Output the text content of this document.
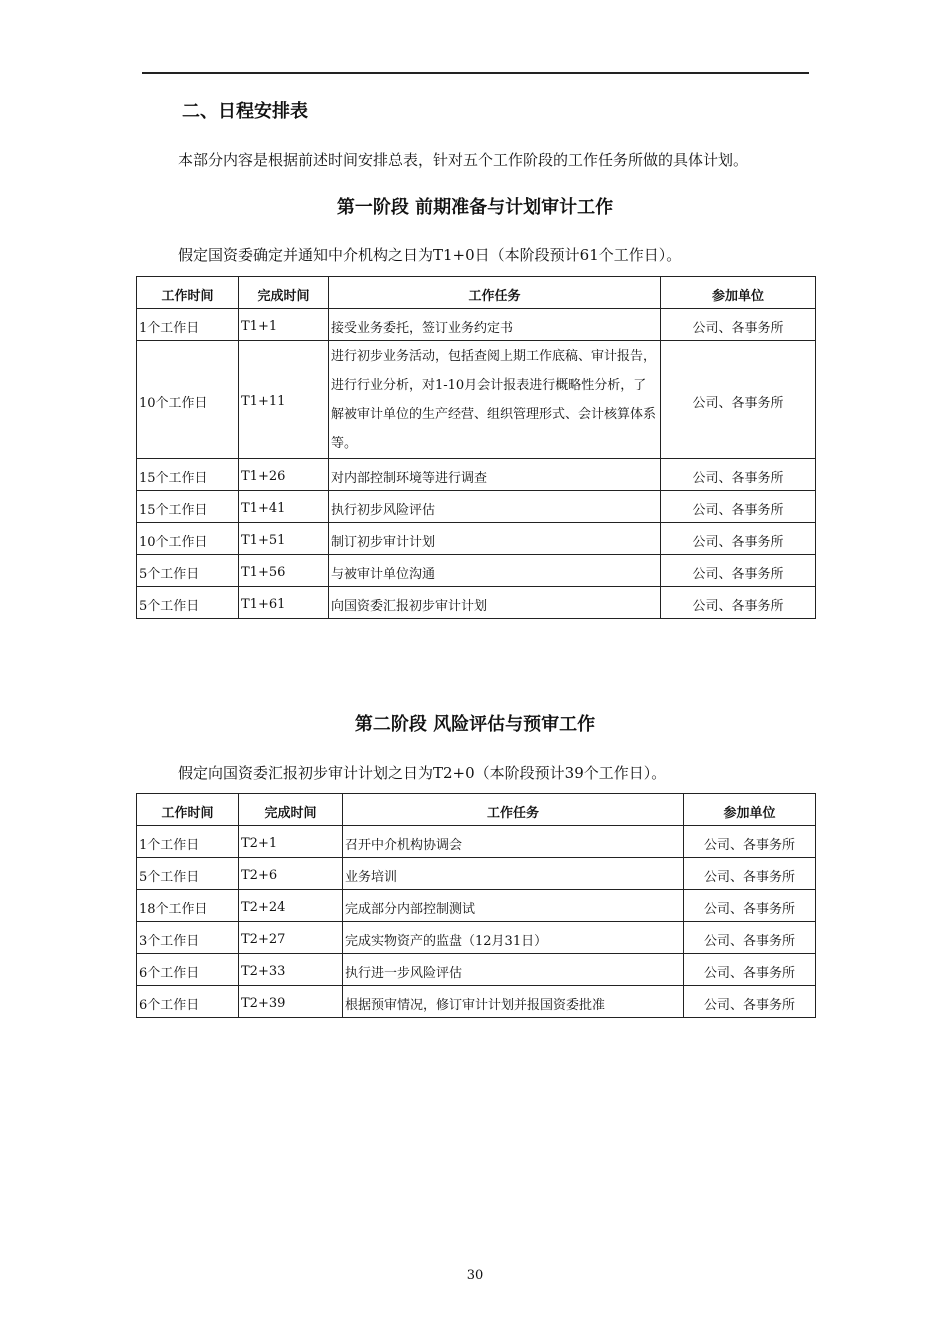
二、日程安排表
本部分内容是根据前述时间安排总表，针对五个工作阶段的工作任务所做的具体计划。
第一阶段 前期准备与计划审计工作
假定国资委确定并通知中介机构之日为T1+0日（本阶段预计61个工作日）。
工作时间	完成时间	工作任务	参加单位
1个工作日	T1+1	接受业务委托，签订业务约定书	公司、各事务所
10个工作日	T1+11	进行初步业务活动，包括查阅上期工作底稿、审计报告，进行行业分析，对1-10月会计报表进行概略性分析，了解被审计单位的生产经营、组织管理形式、会计核算体系等。	公司、各事务所
15个工作日	T1+26	对内部控制环境等进行调查	公司、各事务所
15个工作日	T1+41	执行初步风险评估	公司、各事务所
10个工作日	T1+51	制订初步审计计划	公司、各事务所
5个工作日	T1+56	与被审计单位沟通	公司、各事务所
5个工作日	T1+61	向国资委汇报初步审计计划	公司、各事务所
第二阶段 风险评估与预审工作
假定向国资委汇报初步审计计划之日为T2+0（本阶段预计39个工作日）。
工作时间	完成时间	工作任务	参加单位
1个工作日	T2+1	召开中介机构协调会	公司、各事务所
5个工作日	T2+6	业务培训	公司、各事务所
18个工作日	T2+24	完成部分内部控制测试	公司、各事务所
3个工作日	T2+27	完成实物资产的监盘（12月31日）	公司、各事务所
6个工作日	T2+33	执行进一步风险评估	公司、各事务所
6个工作日	T2+39	根据预审情况，修订审计计划并报国资委批准	公司、各事务所
30
